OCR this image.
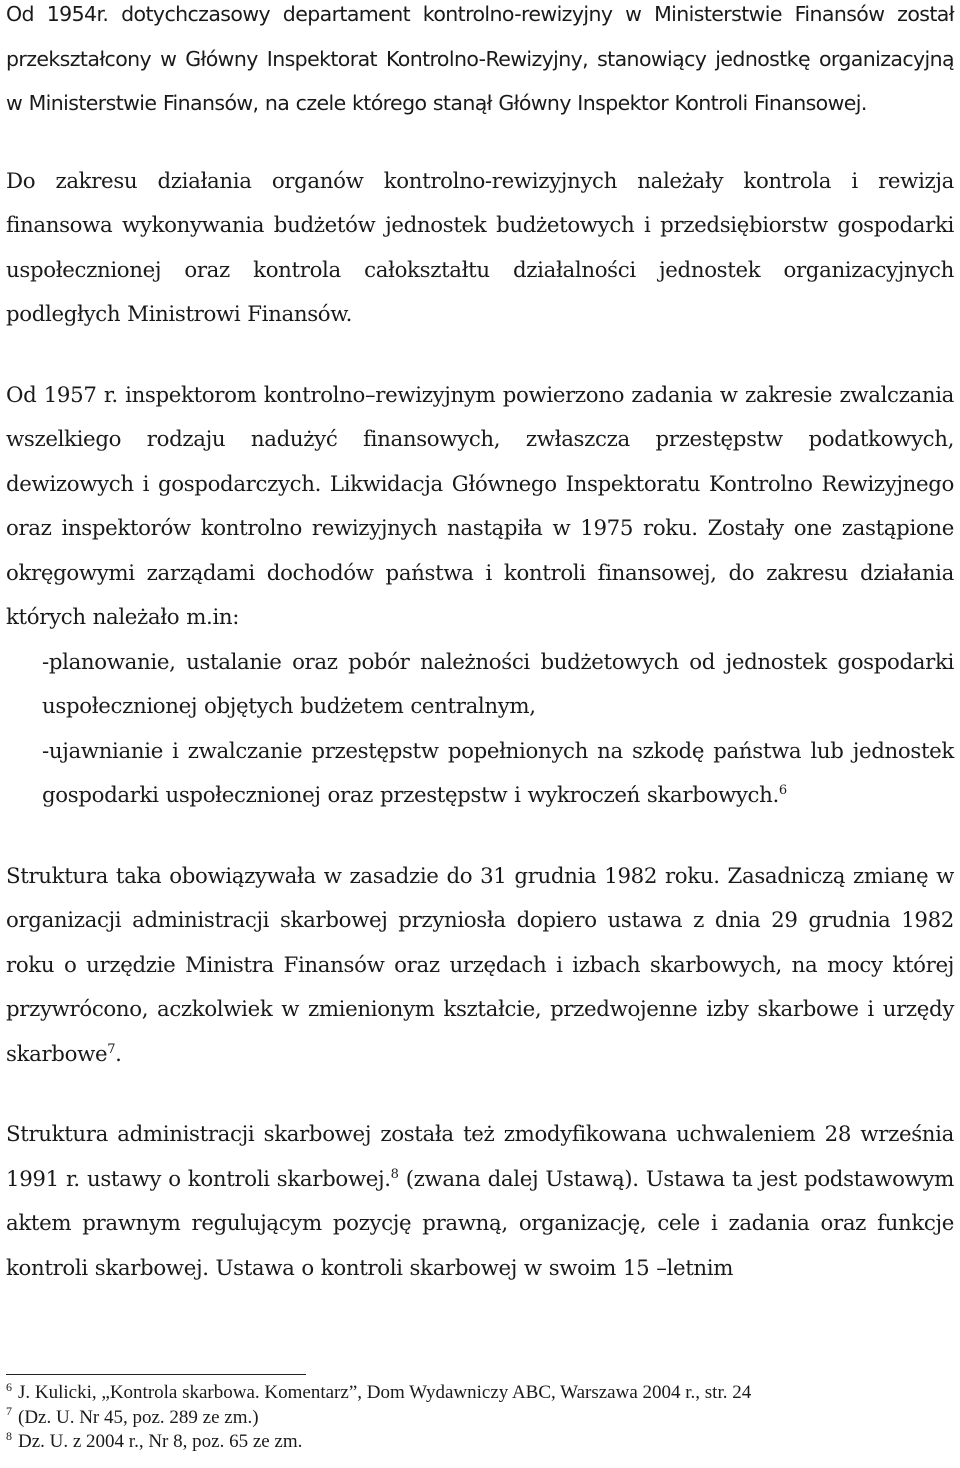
Od 1954r. dotychczasowy departament kontrolno-rewizyjny w Ministerstwie Finansów został przekształcony w Główny Inspektorat Kontrolno-Rewizyjny, stanowiący jednostkę organizacyjną w Ministerstwie Finansów, na czele którego stanął Główny Inspektor Kontroli Finansowej.

Do zakresu działania organów kontrolno-rewizyjnych należały kontrola i rewizja finansowa wykonywania budżetów jednostek budżetowych i przedsiębiorstw gospodarki uspołecznionej oraz kontrola całokształtu działalności jednostek organizacyjnych podległych Ministrowi Finansów.

Od 1957 r. inspektorom kontrolno–rewizyjnym powierzono zadania w zakresie zwalczania wszelkiego rodzaju nadużyć finansowych, zwłaszcza przestępstw podatkowych, dewizowych i gospodarczych. Likwidacja Głównego Inspektoratu Kontrolno Rewizyjnego oraz inspektorów kontrolno rewizyjnych nastąpiła w 1975 roku. Zostały one zastąpione okręgowymi zarządami dochodów państwa i kontroli finansowej, do zakresu działania których należało m.in:

-planowanie, ustalanie oraz pobór należności budżetowych od jednostek gospodarki uspołecznionej objętych budżetem centralnym,

-ujawnianie i zwalczanie przestępstw popełnionych na szkodę państwa lub jednostek gospodarki uspołecznionej oraz przestępstw i wykroczeń skarbowych.$^6$

Struktura taka obowiązywała w zasadzie do 31 grudnia 1982 roku. Zasadniczą zmianę w organizacji administracji skarbowej przyniosła dopiero ustawa z dnia 29 grudnia 1982 roku o urzędzie Ministra Finansów oraz urzędach i izbach skarbowych, na mocy której przywrócono, aczkolwiek w zmienionym kształcie, przedwojenne izby skarbowe i urzędy skarbowe$^7$.

Struktura administracji skarbowej została też zmodyfikowana uchwaleniem 28 września 1991 r. ustawy o kontroli skarbowej.$^8$ (zwana dalej Ustawą). Ustawa ta jest podstawowym aktem prawnym regulującym pozycję prawną, organizację, cele i zadania oraz funkcje kontroli skarbowej. Ustawa o kontroli skarbowej w swoim 15 –letnim

$^6$ J. Kulicki, „Kontrola skarbowa. Komentarz”, Dom Wydawniczy ABC, Warszawa 2004 r., str. 24

$^7$ (Dz. U. Nr 45, poz. 289 ze zm.)

$^8$ Dz. U. z 2004 r., Nr 8, poz. 65 ze zm.
